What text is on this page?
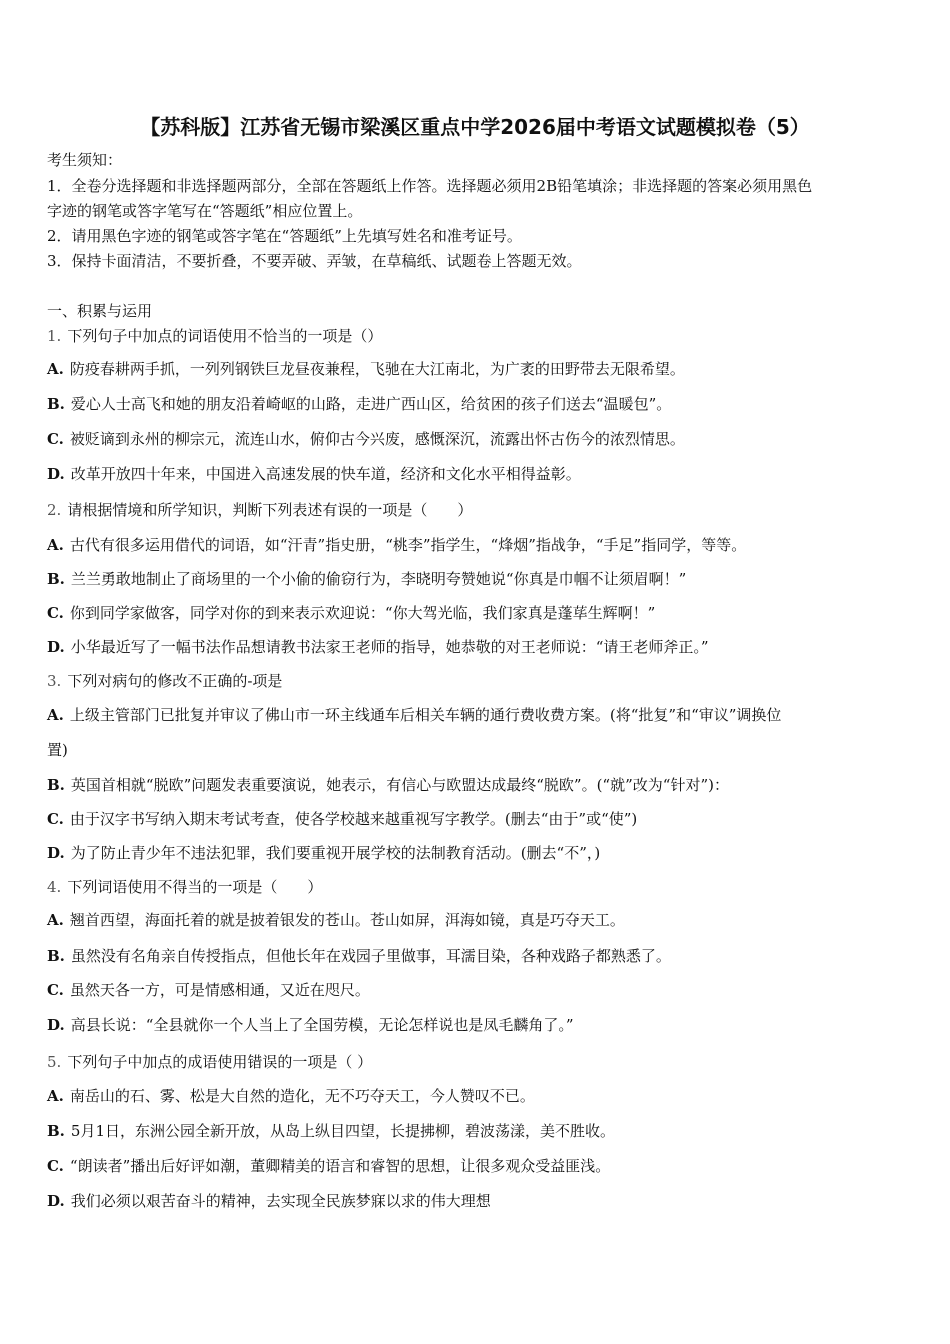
【苏科版】江苏省无锡市梁溪区重点中学2026届中考语文试题模拟卷（5）
考生须知：
1．全卷分选择题和非选择题两部分，全部在答题纸上作答。选择题必须用2B铅笔填涂；非选择题的答案必须用黑色
字迹的钢笔或答字笔写在“答题纸”相应位置上。
2．请用黑色字迹的钢笔或答字笔在“答题纸”上先填写姓名和准考证号。
3．保持卡面清洁，不要折叠，不要弄破、弄皱，在草稿纸、试题卷上答题无效。
一、积累与运用
1. 下列句子中加点的词语使用不恰当的一项是（）
A. 防疫春耕两手抓，一列列钢铁巨龙昼夜兼程，飞驰在大江南北，为广袤的田野带去无限希望。
B. 爱心人士高飞和她的朋友沿着崎岖的山路，走进广西山区，给贫困的孩子们送去“温暖包”。
C. 被贬谪到永州的柳宗元，流连山水，俯仰古今兴废，感慨深沉，流露出怀古伤今的浓烈情思。
D. 改革开放四十年来，中国进入高速发展的快车道，经济和文化水平相得益彰。
2. 请根据情境和所学知识，判断下列表述有误的一项是（　　）
A. 古代有很多运用借代的词语，如“汗青”指史册，“桃李”指学生，“烽烟”指战争，“手足”指同学，等等。
B. 兰兰勇敢地制止了商场里的一个小偷的偷窃行为，李晓明夸赞她说“你真是巾帼不让须眉啊！”
C. 你到同学家做客，同学对你的到来表示欢迎说：“你大驾光临，我们家真是蓬荜生辉啊！”
D. 小华最近写了一幅书法作品想请教书法家王老师的指导，她恭敬的对王老师说：“请王老师斧正。”
3. 下列对病句的修改不正确的-项是
A. 上级主管部门已批复并审议了佛山市一环主线通车后相关车辆的通行费收费方案。(将“批复”和“审议”调换位
置)
B. 英国首相就“脱欧”问题发表重要演说，她表示，有信心与欧盟达成最终“脱欧”。(“就”改为“针对”)：
C. 由于汉字书写纳入期末考试考查，使各学校越来越重视写字教学。(删去“由于”或“使”)
D. 为了防止青少年不违法犯罪，我们要重视开展学校的法制教育活动。(删去“不”，)
4. 下列词语使用不得当的一项是（　　）
A. 翘首西望，海面托着的就是披着银发的苍山。苍山如屏，洱海如镜，真是巧夺天工。
B. 虽然没有名角亲自传授指点，但他长年在戏园子里做事，耳濡目染，各种戏路子都熟悉了。
C. 虽然天各一方，可是情感相通，又近在咫尺。
D. 高县长说：“全县就你一个人当上了全国劳模，无论怎样说也是凤毛麟角了。”
5. 下列句子中加点的成语使用错误的一项是（ ）
A. 南岳山的石、雾、松是大自然的造化，无不巧夺天工，今人赞叹不已。
B. 5月1日，东洲公园全新开放，从岛上纵目四望，长提拂柳，碧波荡漾，美不胜收。
C. “朗读者”播出后好评如潮，董卿精美的语言和睿智的思想，让很多观众受益匪浅。
D. 我们必须以艰苦奋斗的精神，去实现全民族梦寐以求的伟大理想
